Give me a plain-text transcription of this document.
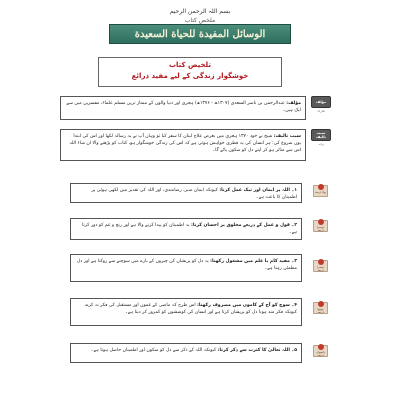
بسم اللہ الرحمن الرحیم
ملخص کتاب
الوسائل المفيدة للحياة السعيدة
تلخیص کتاب
خوشگوار زندگی کے لیے مفید ذرائع
مؤلف: عبدالرحمن بن ناصر السعدی (۱۳۰۷ھ - ۱۳۷۶ھ) ہجری اور دنیا والوں کے ممتاز ترین مسلم علماء، مفسرین میں سے ایک ہیں۔
مؤلف
تعارف
سبب تالیف: شیخ نے خود ۱۳۷۰ ہجری میں بغرض علاج لبنان کا سفر کیا تو وہاں آپ نے یہ رسالہ لکھا اور اس کی ابتدا یوں شروع کی: ہر انسان کی یہ فطری خواہش ہوتی ہے کہ اس کی زندگی خوشگوار ہو، کتاب کو پڑھنے والا ان شاء اللہ اس سے متاثر ہو کر اپنے دل کو سکون پائے گا۔
سبب تالیف
وجہ
۱۔ اللہ پر ایمان اور نیک عمل کرنا: کیونکہ ایمان صبر، رضامندی، اور اللہ کی تقدیر میں لکھی ہوئی پر اطمینان کا باعث ہے۔
پہلا ذریعہ
۲۔ قول و عمل کے ذریعے مخلوق پر احسان کرنا: یہ اطمینان کو پیدا کرنے والا ہے اور رنج و غم کو دور کرتا ہے۔
دوسرا ذریعہ
۳۔ مفید کام یا علم میں مشغول رکھنا: یہ دل کو پریشان کن چیزوں کے بارے میں سوچنے سے روکتا ہے اور دل مطمئن رہتا ہے۔	تیسرا ذریعہ
۴۔ سوچ کو آج کے کاموں میں مصروف رکھنا: اس طرح کہ ماضی کے غموں اور مستقبل کی فکر نہ کرے، کیونکہ فکر مند ہونا دل کو پریشان کرتا ہے اور انسان کی کوششوں کو کمزور کر دیتا ہے۔
چوتھا ذریعہ
۵۔ اللہ تعالیٰ کا کثرت سے ذکر کرنا: کیونکہ اللہ کے ذکر سے دل کو سکون اور اطمینان حاصل ہوتا ہے۔	پانچواں ذریعہ
